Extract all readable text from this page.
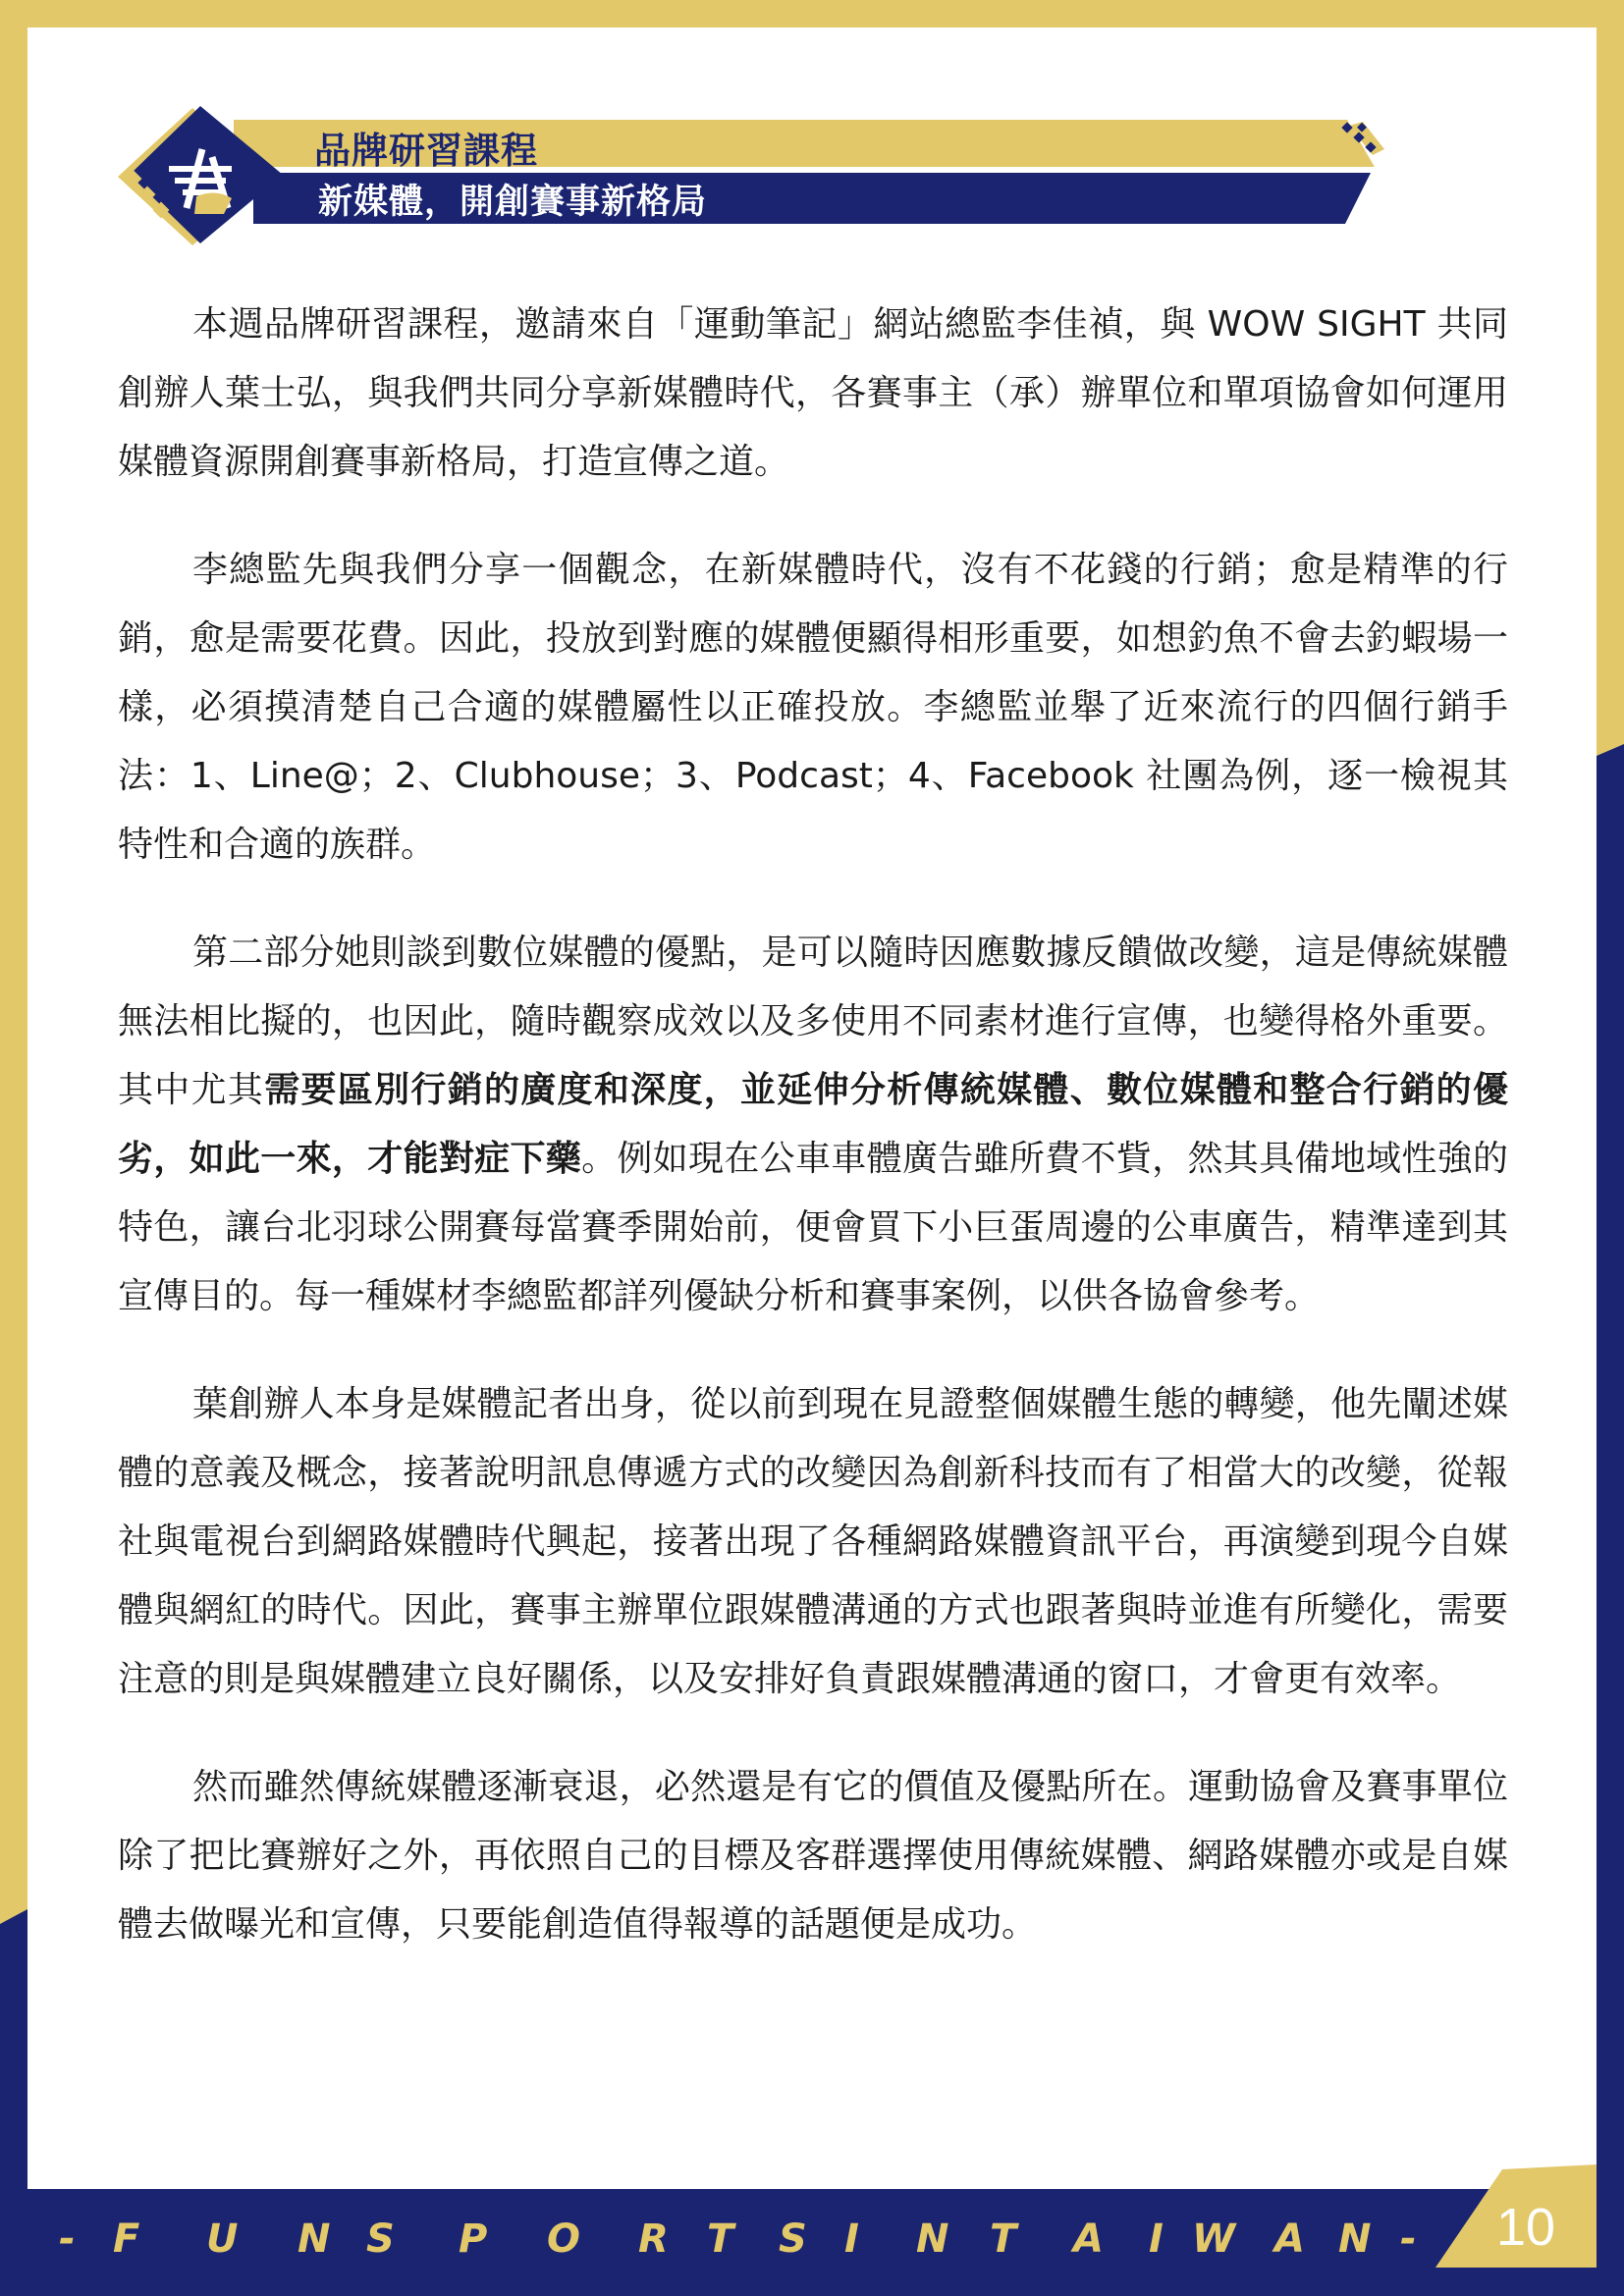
品牌研習課程
新媒體，開創賽事新格局

本週品牌研習課程，邀請來自「運動筆記」網站總監李佳禎，與 WOW SIGHT 共同創辦人葉士弘，與我們共同分享新媒體時代，各賽事主（承）辦單位和單項協會如何運用媒體資源開創賽事新格局，打造宣傳之道。

李總監先與我們分享一個觀念，在新媒體時代，沒有不花錢的行銷；愈是精準的行銷，愈是需要花費。因此，投放到對應的媒體便顯得相形重要，如想釣魚不會去釣蝦場一樣，必須摸清楚自己合適的媒體屬性以正確投放。李總監並舉了近來流行的四個行銷手法：1、Line@；2、Clubhouse；3、Podcast；4、Facebook 社團為例，逐一檢視其特性和合適的族群。

第二部分她則談到數位媒體的優點，是可以隨時因應數據反饋做改變，這是傳統媒體無法相比擬的，也因此，隨時觀察成效以及多使用不同素材進行宣傳，也變得格外重要。其中尤其需要區別行銷的廣度和深度，並延伸分析傳統媒體、數位媒體和整合行銷的優劣，如此一來，才能對症下藥。例如現在公車車體廣告雖所費不貲，然其具備地域性強的特色，讓台北羽球公開賽每當賽季開始前，便會買下小巨蛋周邊的公車廣告，精準達到其宣傳目的。每一種媒材李總監都詳列優缺分析和賽事案例，以供各協會參考。

葉創辦人本身是媒體記者出身，從以前到現在見證整個媒體生態的轉變，他先闡述媒體的意義及概念，接著說明訊息傳遞方式的改變因為創新科技而有了相當大的改變，從報社與電視台到網路媒體時代興起，接著出現了各種網路媒體資訊平台，再演變到現今自媒體與網紅的時代。因此，賽事主辦單位跟媒體溝通的方式也跟著與時並進有所變化，需要注意的則是與媒體建立良好關係，以及安排好負責跟媒體溝通的窗口，才會更有效率。

然而雖然傳統媒體逐漸衰退，必然還是有它的價值及優點所在。運動協會及賽事單位除了把比賽辦好之外，再依照自己的目標及客群選擇使用傳統媒體、網路媒體亦或是自媒體去做曝光和宣傳，只要能創造值得報導的話題便是成功。

- F U N S P O R T S I N T A I W A N - 10
